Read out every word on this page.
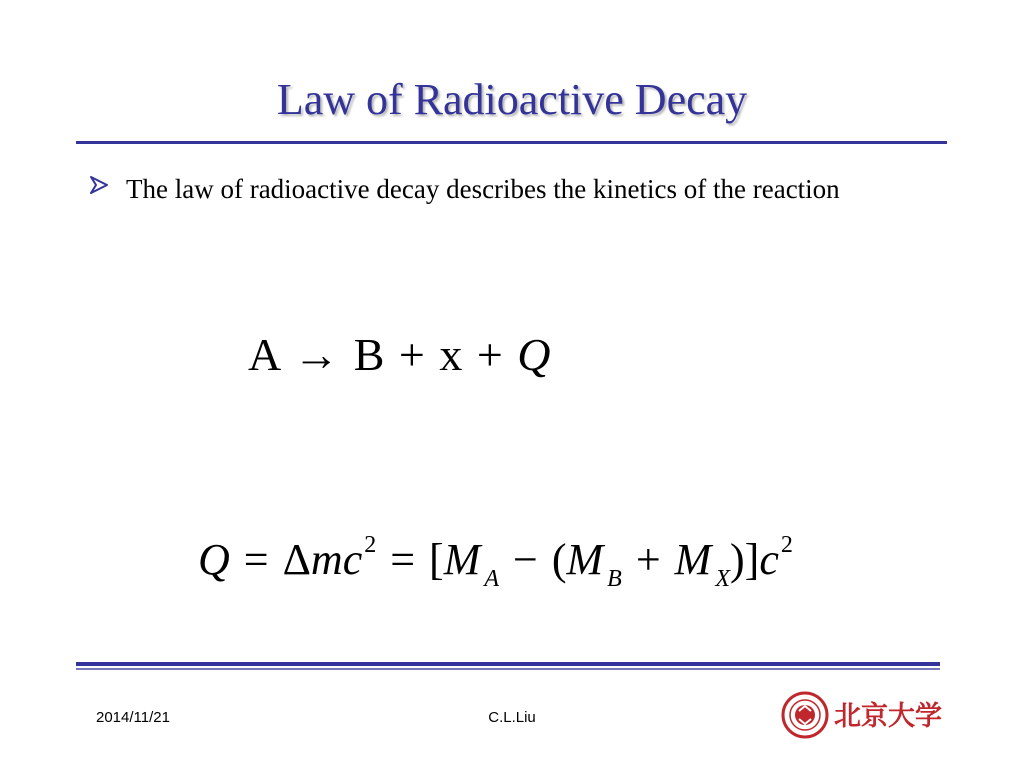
Law of Radioactive Decay
The law of radioactive decay describes the kinetics of the reaction
A → B + x + Q
Q = Δmc$^2$ = [M $_A$ − (M $_B$ + M $_X)]c^2$
2014/11/21	C.L.Liu	北京大学
